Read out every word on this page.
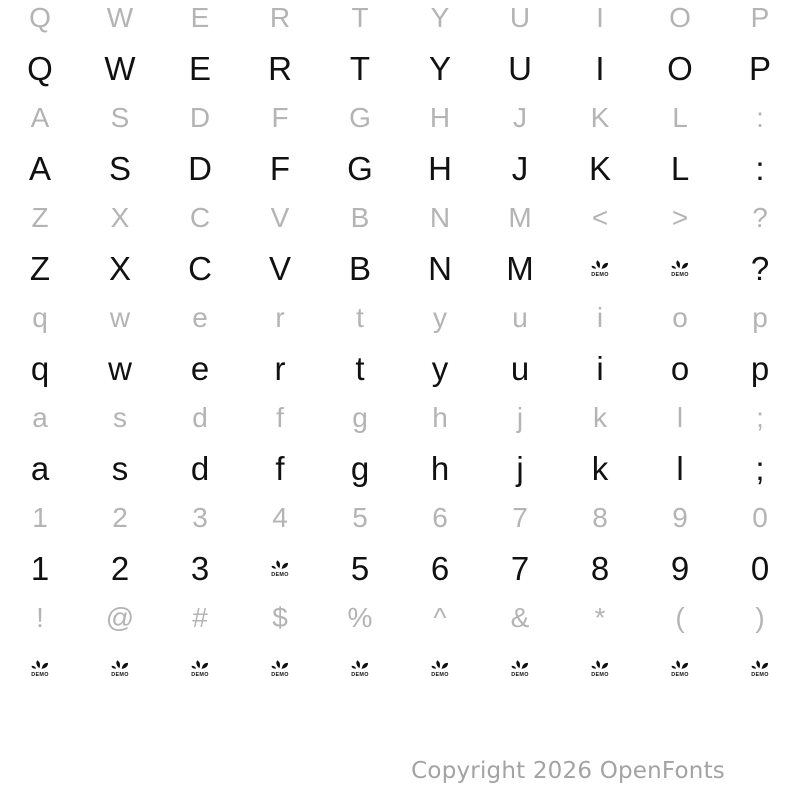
Q W E R T Y U I O P
Q W E R T Y U I O P
A S D F G H J K L :
A S D F G H J K L :
Z X C V B N M < > ?
Z X C V B N M	DEMO	DEMO ?
q w e r	t y u i o p
q w e r t y u i o p
a s d f g h j k l	;
a s d f g h j k l ;
1 2 3 4 5 6 7 8 9 0
1 2 3	DEMO 5 6 7 8 9 0
! @ # $ % ^ & * (	)
DEMO	DEMO	DEMO	DEMO	DEMO	DEMO	DEMO	DEMO	DEMO	DEMO
Copyright 2026 OpenFonts
